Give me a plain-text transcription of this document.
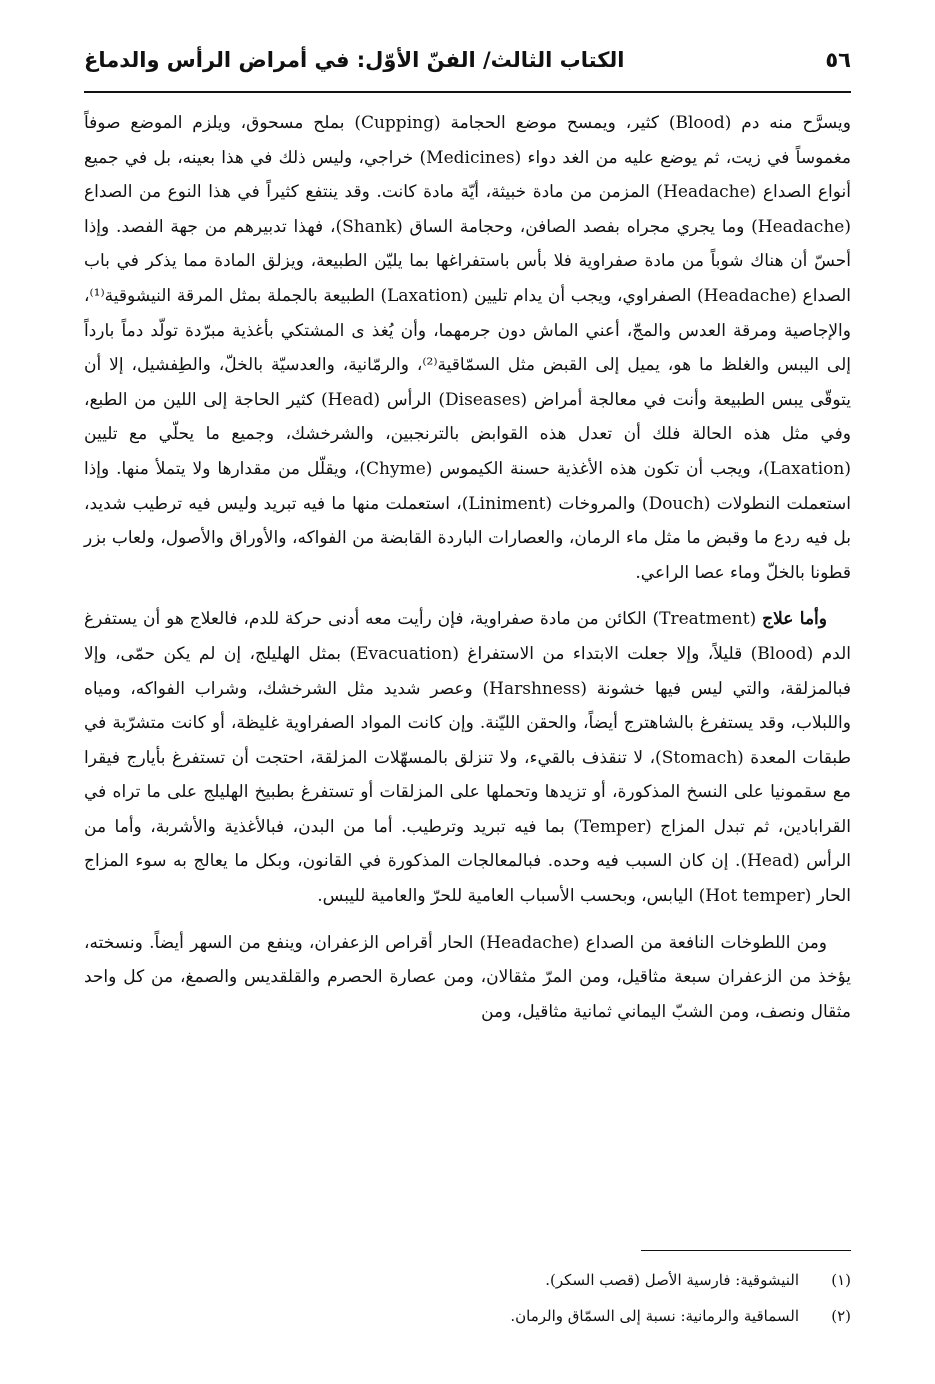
٥٦
الكتاب الثالث/ الفنّ الأوّل: في أمراض الرأس والدماغ

ويسرَّح منه دم (Blood) كثير، ويمسح موضع الحجامة (Cupping) بملح مسحوق، ويلزم الموضع صوفاً مغموساً في زيت، ثم يوضع عليه من الغد دواء (Medicines) خراجي، وليس ذلك في هذا بعينه، بل في جميع أنواع الصداع (Headache) المزمن من مادة خبيثة، أيّة مادة كانت. وقد ينتفع كثيراً في هذا النوع من الصداع (Headache) وما يجري مجراه بفصد الصافن، وحجامة الساق (Shank)، فهذا تدبيرهم من جهة الفصد. وإذا أحسّ أن هناك شوباً من مادة صفراوية فلا بأس باستفراغها بما يليّن الطبيعة، ويزلق المادة مما يذكر في باب الصداع (Headache) الصفراوي، ويجب أن يدام تليين (Laxation) الطبيعة بالجملة بمثل المرقة النيشوقية⁽¹⁾، والإجاصية ومرقة العدس والمجّ، أعني الماش دون جرمهما، وأن يُغذ ى المشتكي بأغذية مبرّدة تولّد دماً بارداً إلى اليبس والغلظ ما هو، يميل إلى القبض مثل السمّاقية⁽²⁾، والرمّانية، والعدسيّة بالخلّ، والطِفشيل، إلا أن يتوقّى يبس الطبيعة وأنت في معالجة أمراض (Diseases) الرأس (Head) كثير الحاجة إلى اللين من الطبع، وفي مثل هذه الحالة فلك أن تعدل هذه القوابض بالترنجبين، والشرخشك، وجميع ما يحلّي مع تليين (Laxation)، ويجب أن تكون هذه الأغذية حسنة الكيموس (Chyme)، ويقلّل من مقدارها ولا يتملأ منها. وإذا استعملت النطولات (Douch) والمروخات (Liniment)، استعملت منها ما فيه تبريد وليس فيه ترطيب شديد، بل فيه ردع ما وقبض ما مثل ماء الرمان، والعصارات الباردة القابضة من الفواكه، والأوراق والأصول، ولعاب بزر قطونا بالخلّ وماء عصا الراعي.

وأما علاج (Treatment) الكائن من مادة صفراوية، فإن رأيت معه أدنى حركة للدم، فالعلاج هو أن يستفرغ الدم (Blood) قليلاً، وإلا جعلت الابتداء من الاستفراغ (Evacuation) بمثل الهليلج، إن لم يكن حمّى، وإلا فبالمزلقة، والتي ليس فيها خشونة (Harshness) وعصر شديد مثل الشرخشك، وشراب الفواكه، ومياه واللبلاب، وقد يستفرغ بالشاهترج أيضاً، والحقن الليّنة. وإن كانت المواد الصفراوية غليظة، أو كانت متشرّبة في طبقات المعدة (Stomach)، لا تنقذف بالقيء، ولا تنزلق بالمسهّلات المزلقة، احتجت أن تستفرغ بأيارج فيقرا مع سقمونيا على النسخ المذكورة، أو تزيدها وتحملها على المزلقات أو تستفرغ بطبيخ الهليلج على ما تراه في القرابادين، ثم تبدل المزاج (Temper) بما فيه تبريد وترطيب. أما من البدن، فبالأغذية والأشربة، وأما من الرأس (Head). إن كان السبب فيه وحده. فبالمعالجات المذكورة في القانون، وبكل ما يعالج به سوء المزاج الحار (Hot temper) اليابس، وبحسب الأسباب العامية للحرّ والعامية لليبس.

ومن اللطوخات النافعة من الصداع (Headache) الحار أقراص الزعفران، وينفع من السهر أيضاً. ونسخته، يؤخذ من الزعفران سبعة مثاقيل، ومن المرّ مثقالان، ومن عصارة الحصرم والقلقديس والصمغ، من كل واحد مثقال ونصف، ومن الشبّ اليماني ثمانية مثاقيل، ومن

(١)
النيشوقية: فارسية الأصل (قصب السكر).
(٢)
السماقية والرمانية: نسبة إلى السمّاق والرمان.
